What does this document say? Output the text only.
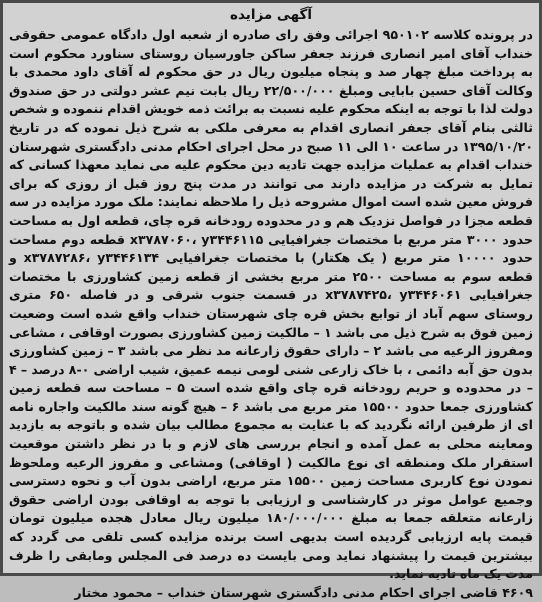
آگهی مزایده

در پرونده کلاسه ۹۵۰۱۰۲ اجرائی وفق رای صادره از شعبه اول دادگاه عمومی حقوقی خنداب آقای امیر انصاری فرزند جعفر ساکن جاورسیان روستای سناورد محکوم است به پرداخت مبلغ چهار صد و پنجاه میلیون ریال در حق محکوم له آقای داود محمدی با وکالت آقای حسین بابایی ومبلغ ۲۲/۵۰۰/۰۰۰ ریال بابت نیم عشر دولتی در حق صندوق دولت لذا با توجه به اینکه محکوم علیه نسبت به برائت ذمه خویش اقدام ننموده و شخص ثالثی بنام آقای جعفر انصاری اقدام به معرفی ملکی به شرح ذیل نموده که در تاریخ ۱۳۹۵/۱۰/۲۰ در ساعت ۱۰ الی ۱۱ صبح در محل اجرای احکام مدنی دادگستری شهرستان خنداب اقدام به عملیات مزایده جهت تادیه دین محکوم علیه می نماید معهذا کسانی که تمایل به شرکت در مزایده دارند می توانند در مدت پنج روز قبل از روزی که برای فروش معین شده است اموال مشروحه ذیل را ملاحظه نمایند: ملک مورد مزایده در سه قطعه مجزا در فواصل نزدیک هم و در محدوده رودخانه قره چای، قطعه اول به مساحت حدود ۳۰۰۰ متر مربع با مختصات جغرافیایی x۳۷۸۷۰۶۰، y۳۴۴۶۱۱۵ قطعه دوم مساحت حدود ۱۰۰۰۰ متر مربع ( یک هکتار) با مختصات جغرافیایی x۳۷۸۷۲۸۶، y۳۴۴۶۱۳۴ و قطعه سوم به مساحت ۲۵۰۰ متر مربع بخشی از قطعه زمین کشاورزی با مختصات جغرافیایی x۳۷۸۷۴۲۵، y۳۴۴۶۰۶۱ در قسمت جنوب شرقی و در فاصله ۶۵۰ متری روستای سهم آباد از توابع بخش قره چای شهرستان خنداب واقع شده است وضعیت زمین فوق به شرح ذیل می باشد ۱ – مالکیت زمین کشاورزی بصورت اوقافی ، مشاعی ومفروز الرعیه می باشد ۲ – دارای حقوق زارعانه مد نظر می باشد ۳ – زمین کشاورزی بدون حق آبه دائمی ، با خاک زارعی شنی لومی نیمه عمیق، شیب اراضی ۰-۸ درصد – ۴ – در محدوده و حریم رودخانه قره چای واقع شده است ۵ – مساحت سه قطعه زمین کشاورزی جمعا حدود ۱۵۵۰۰ متر مربع می باشد ۶ – هیچ گونه سند مالکیت واجاره نامه ای از طرفین ارائه نگردید که با عنایت به مجموع مطالب بیان شده و باتوجه به بازدید ومعاینه محلی به عمل آمده و انجام بررسی های لازم و با در نظر داشتن موقعیت استقرار ملک ومنطقه ای نوع مالکیت ( اوقافی) ومشاعی و مفروز الرعیه وملحوظ نمودن نوع کاربری مساحت زمین ۱۵۵۰۰ متر مربع، اراضی بدون آب و نحوه دسترسی وجمیع عوامل موثر در کارشناسی و ارزیابی با توجه به اوقافی بودن اراضی حقوق زارعانه متعلقه جمعا به مبلغ ۱۸۰/۰۰۰/۰۰۰ میلیون ریال معادل هجده میلیون تومان قیمت پایه ارزیابی گردیده است بدیهی است برنده مزایده کسی تلقی می گردد که بیشترین قیمت را پیشنهاد نماید ومی بایست ده درصد فی المجلس ومابقی را ظرف مدت یک ماه تادیه نماید.

۴۶۰۹ قاضی اجرای احکام مدنی دادگستری شهرستان خنداب – محمود مختار
